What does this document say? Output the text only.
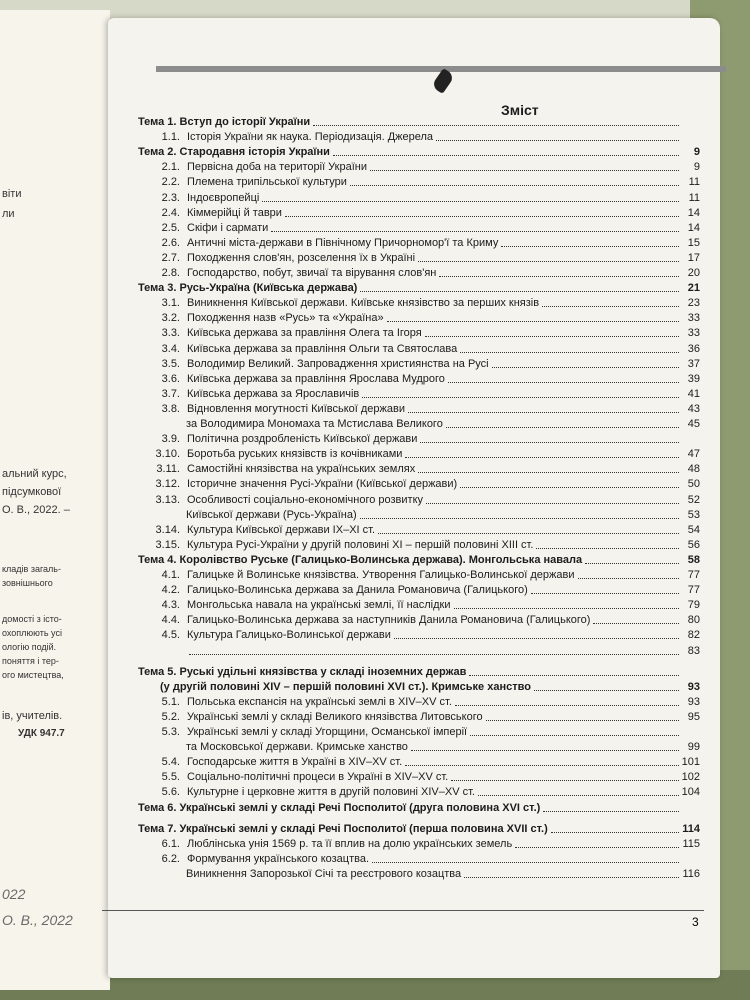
вiти
ли
альний курс,
підсумкової
О. В., 2022. –
кладів загаль-
зовнішнього
домості з істо-
охоплюють усі
ологію подій.
поняття і тер-
ого мистецтва,
ів, учителів.
УДК 947.7
022
О. В., 2022
Зміст
Тема 1. Вступ до історії України
1.1. Історія України як наука. Періодизація. Джерела
Тема 2. Стародавня історія України	9
2.1. Первісна доба на території України	9
2.2. Племена трипільської культури	11
2.3. Індоєвропейці	11
2.4. Кіммерійці й таври	14
2.5. Скіфи і сармати	14
2.6. Античні міста-держави в Північному Причорномор'ї та Криму	15
2.7. Походження слов'ян, розселення їх в Україні	17
2.8. Господарство, побут, звичаї та вірування слов'ян	20
Тема 3. Русь-Україна (Київська держава)	21
3.1. Виникнення Київської держави. Київське князівство за перших князів	23
3.2. Походження назв «Русь» та «Україна»	33
3.3. Київська держава за правління Олега та Ігоря	33
3.4. Київська держава за правління Ольги та Святослава	36
3.5. Володимир Великий. Запровадження християнства на Русі	37
3.6. Київська держава за правління Ярослава Мудрого	39
3.7. Київська держава за Ярославичів	41
3.8. Відновлення могутності Київської держави	43
за Володимира Мономаха та Мстислава Великого	45
3.9. Політична роздробленість Київської держави
3.10. Боротьба руських князівств із кочівниками	47
3.11. Самостійні князівства на українських землях	48
3.12. Історичне значення Русі-України (Київської держави)	50
3.13. Особливості соціально-економічного розвитку	52
Київської держави (Русь-Україна)	53
3.14. Культура Київської держави IX–XI ст.	54
3.15. Культура Русі-України у другій половині XI – першій половині XIII ст.	56
Тема 4. Королівство Руське (Галицько-Волинська держава). Монгольська навала	58
4.1. Галицьке й Волинське князівства. Утворення Галицько-Волинської держави	77
4.2. Галицько-Волинська держава за Данила Романовича (Галицького)	77
4.3. Монгольська навала на українські землі, її наслідки	79
4.4. Галицько-Волинська держава за наступників Данила Романовича (Галицького)	80
4.5. Культура Галицько-Волинської держави	82
83
Тема 5. Руські удільні князівства у складі іноземних держав
(у другій половині XIV – першій половині XVI ст.). Кримське ханство	93
5.1. Польська експансія на українські землі в XIV–XV ст.	93
5.2. Українські землі у складі Великого князівства Литовського	95
5.3. Українські землі у складі Угорщини, Османської імперії
та Московської держави. Кримське ханство	99
5.4. Господарське життя в Україні в XIV–XV ст.	101
5.5. Соціально-політичні процеси в Україні в XIV–XV ст.	102
5.6. Культурне і церковне життя в другій половині XIV–XV ст.	104
Тема 6. Українські землі у складі Речі Посполитої (друга половина XVI ст.)
Тема 7. Українські землі у складі Речі Посполитої (перша половина XVII ст.)	114
6.1. Люблінська унія 1569 р. та її вплив на долю українських земель	115
6.2. Формування українського козацтва.
Виникнення Запорозької Січі та реєстрового козацтва	116
3
